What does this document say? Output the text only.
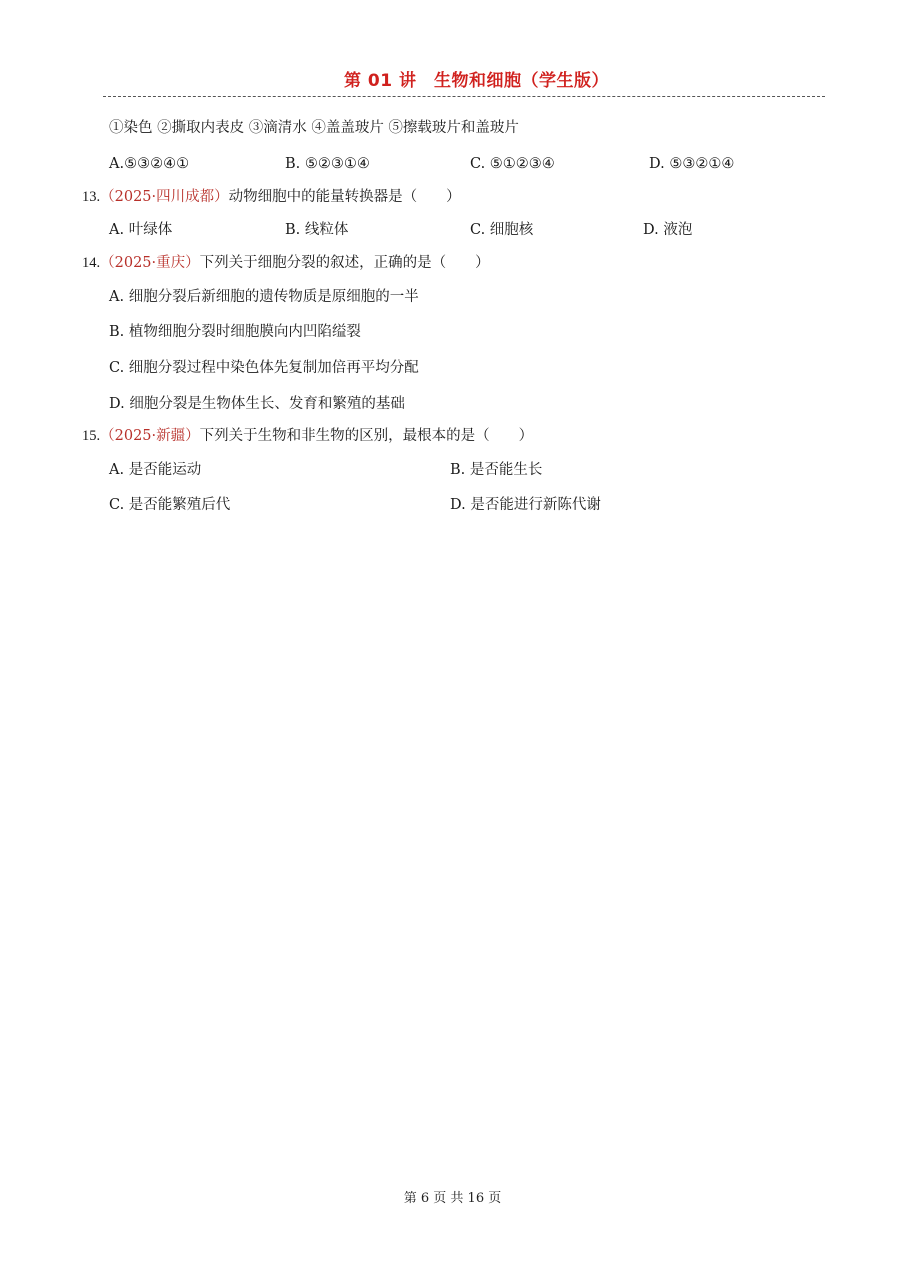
第 01 讲　生物和细胞（学生版）
①染色 ②撕取内表皮 ③滴清水 ④盖盖玻片 ⑤擦载玻片和盖玻片
A.⑤③②④①	B. ⑤②③①④	C. ⑤①②③④	D. ⑤③②①④
13.（2025·四川成都）动物细胞中的能量转换器是（　　）
A. 叶绿体	B. 线粒体	C. 细胞核	D. 液泡
14.（2025·重庆）下列关于细胞分裂的叙述，正确的是（　　）
A. 细胞分裂后新细胞的遗传物质是原细胞的一半
B. 植物细胞分裂时细胞膜向内凹陷缢裂
C. 细胞分裂过程中染色体先复制加倍再平均分配
D. 细胞分裂是生物体生长、发育和繁殖的基础
15.（2025·新疆）下列关于生物和非生物的区别，最根本的是（　　）
A. 是否能运动	B. 是否能生长
C. 是否能繁殖后代	D. 是否能进行新陈代谢
第 6 页 共 16 页
